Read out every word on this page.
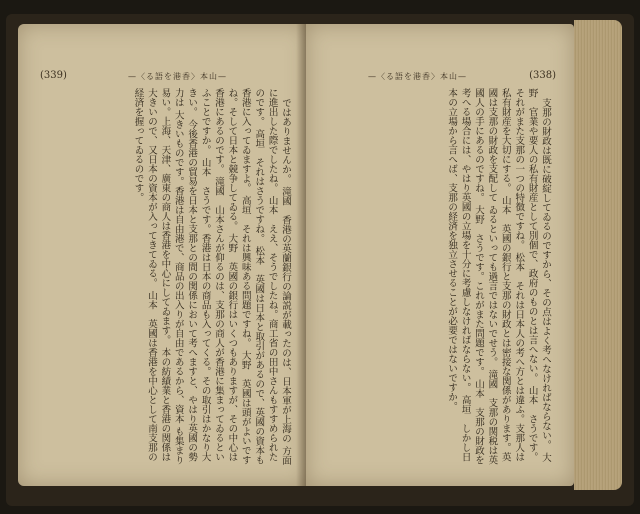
(339)	—〈る語を港香〉本山—

ではありませんか。 滝國　香港の英蘭銀行の論説が載ったのは、日本軍が上海の 方面に進出した際でしたね。 山本　ええ、そうでしたね。商工省の田中さんもすすめられたのです。 高垣　それはさうですね。 松本　英國は日本と取引があるので、英國の資本も香港に入ってゐますよ。 高垣　それは興味ある問題ですね。 大野　英國は頭がよいですね。そして日本と競争してゐる。 大野　英國の銀行はいくつもありますが、その中心は香港にあるのです。 滝國　山本さんが仰るのは、支那の商人が香港に集まってゐるといふことですか。 山本　さうです。香港は日本の商品も入ってくる。その取引はかなり大きい。 今後香港の貿易を日本と支那との間の関係において考へますと、やはり英國の勢力は 大きいものです。香港は自由港で、商品の出入りが自由であるから、資本 も集まり易い。上海、天津、廣東の商人は香港を中心にしてゐます。 本の紡績業と香港の関係は大きいので、又日本の資本が入ってきてゐる。 山本　英國は香港を中心として南支那の経済を握ってゐるのです。

(338)
—〈る語を港香〉本山—

支那の財政は既に破綻してゐるのですから、その点はよく考へなければならない。 大野　官業や要人の私有財産として別個で、政府のものとは言へない。 山本　さうです。それがまた支那の一つの特徴ですね。 松本　それは日本人の考へ方とは違ふ。支那人は私有財産を大切にする。 山本　英國の銀行と支那の財政とは密接な関係があります。英國は支那の財政を支配して ゐるといっても過言ではないでせう。 滝國　支那の関税は英國人の手にあるのですね。 大野　さうです。これがまた問題です。 山本　支那の財政を考へる場合には、やはり英國の立場を十分に考慮しなければならない。 高垣　しかし日本の立場から言へば、支那の経済を独立させることが必要ではないですか。
